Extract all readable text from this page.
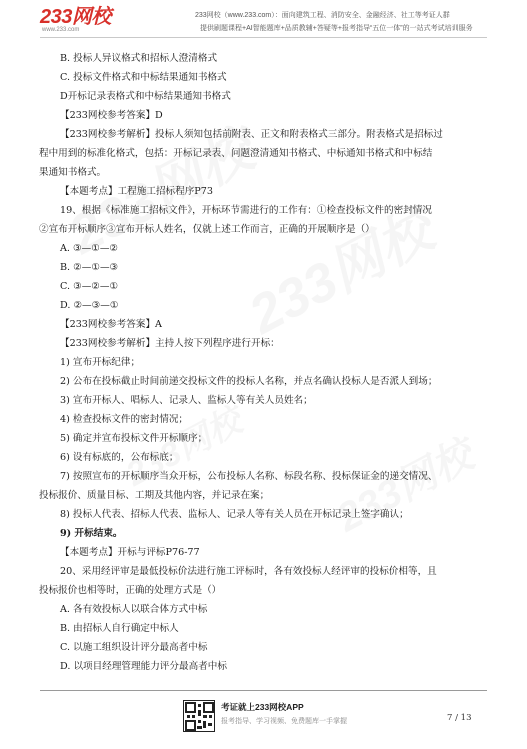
233网校
www.233.com
233网校（www.233.com）：面向建筑工程、消防安全、金融经济、社工等考证人群
提供刷题课程+AI智能题库+品质教辅+答疑等+报考指导“五位一体”的一站式考试培训服务
B. 投标人异议格式和招标人澄清格式
C. 投标文件格式和中标结果通知书格式
D开标记录表格式和中标结果通知书格式
【233网校参考答案】D
【233网校参考解析】投标人须知包括前附表、正文和附表格式三部分。附表格式是招标过
程中用到的标准化格式，包括：开标记录表、问题澄清通知书格式、中标通知书格式和中标结
果通知书格式。
【本题考点】工程施工招标程序P73
19、根据《标准施工招标文件》，开标环节需进行的工作有：①检查投标文件的密封情况
②宣布开标顺序③宣布开标人姓名，仅就上述工作而言，正确的开展顺序是（）
A. ③—①—②
B. ②—①—③
C. ③—②—①
D. ②—③—①
【233网校参考答案】A
【233网校参考解析】主持人按下列程序进行开标：
1) 宣布开标纪律；
2) 公布在投标截止时间前递交投标文件的投标人名称，并点名确认投标人是否派人到场；
3) 宣布开标人、唱标人、记录人、监标人等有关人员姓名；
4) 检查投标文件的密封情况；
5) 确定并宣布投标文件开标顺序；
6) 设有标底的，公布标底；
7) 按照宣布的开标顺序当众开标，公布投标人名称、标段名称、投标保证金的递交情况、
投标报价、质量目标、工期及其他内容，并记录在案；
8) 投标人代表、招标人代表、监标人、记录人等有关人员在开标记录上签字确认；
9) 开标结束。
【本题考点】开标与评标P76-77
20、采用经评审是最低投标价法进行施工评标时，各有效投标人经评审的投标价相等，且
投标报价也相等时，正确的处理方式是（）
A. 各有效投标人以联合体方式中标
B. 由招标人自行确定中标人
C. 以施工组织设计评分最高者中标
D. 以项目经理管理能力评分最高者中标
考证就上233网校APP
报考指导、学习视频、免费题库一手掌握	7 / 13
